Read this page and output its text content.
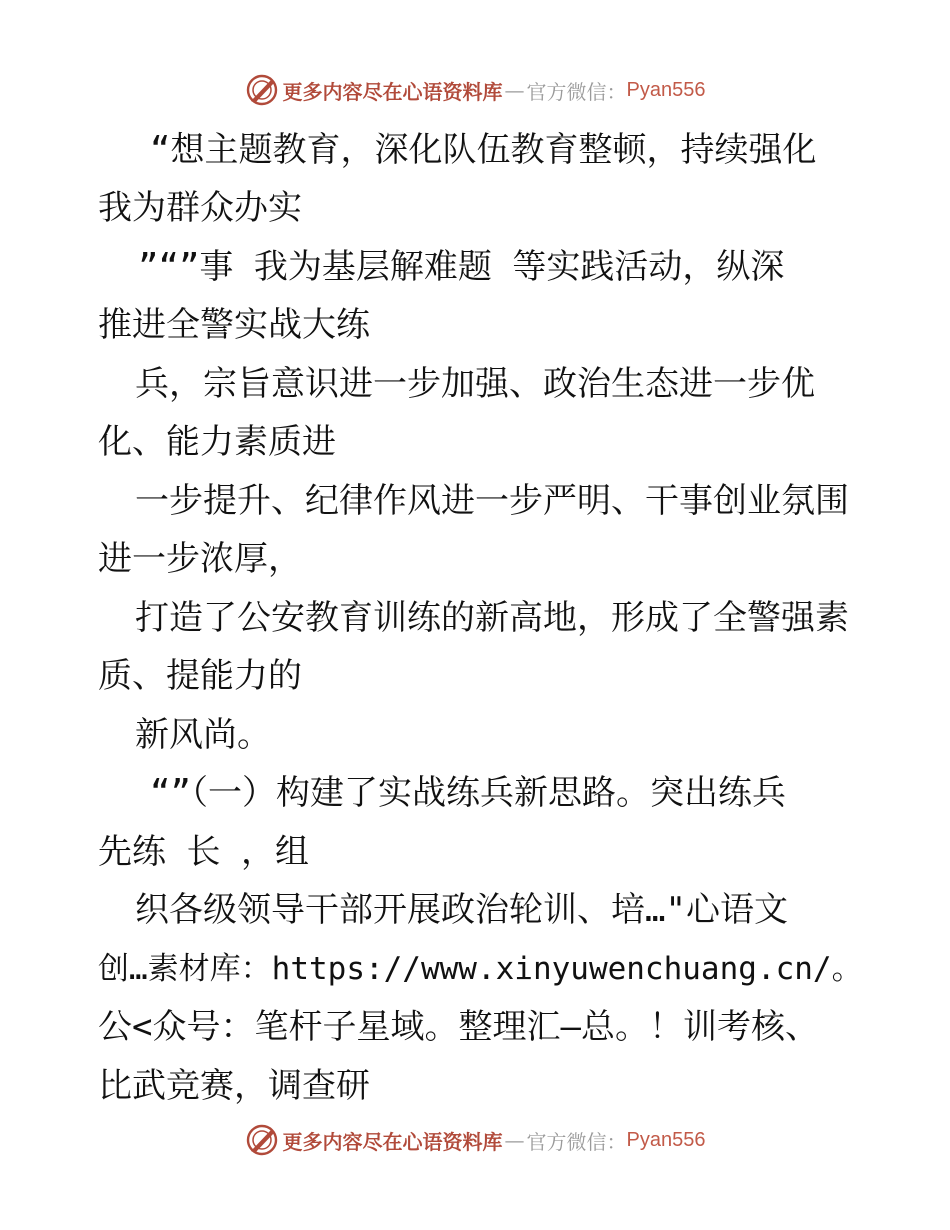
更多内容尽在心语资料库 — 官方微信： Pyan556
“想主题教育，深化队伍教育整顿，持续强化
我为群众办实
”“”事 我为基层解难题 等实践活动，纵深
推进全警实战大练
兵，宗旨意识进一步加强、政治生态进一步优
化、能力素质进
一步提升、纪律作风进一步严明、干事创业氛围
进一步浓厚，
打造了公安教育训练的新高地，形成了全警强素
质、提能力的
新风尚。
“”（一）构建了实战练兵新思路。突出练兵
先练 长 ，组
织各级领导干部开展政治轮训、培…"心语文
创…素材库：https://www.xinyuwenchuang.cn/。
公<众号：笔杆子星域。整理汇—总。！训考核、
比武竞赛，调查研
更多内容尽在心语资料库 — 官方微信： Pyan556
